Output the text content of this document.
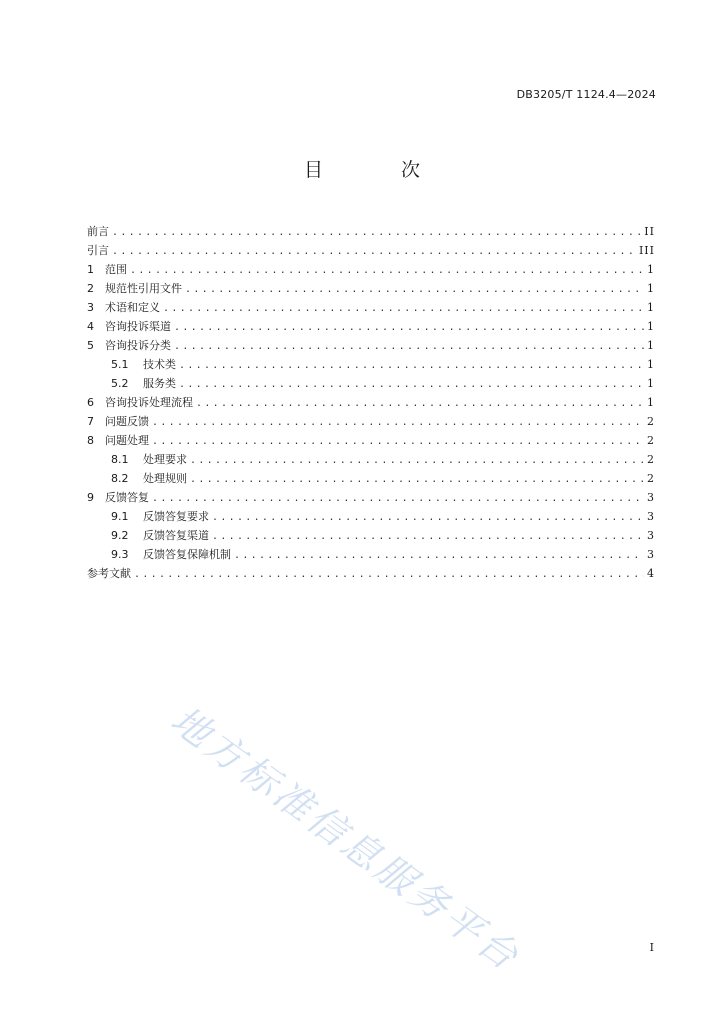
DB3205/T 1124.4—2024
目 次
前言 .....	II
引言 .....	III
1	范围 .....	1
2	规范性引用文件 .....	1
3	术语和定义 .....	1
4	咨询投诉渠道 .....	1
5	咨询投诉分类 .....	1
5.1	技术类 .....	1
5.2	服务类 .....	1
6	咨询投诉处理流程 .....	1
7	问题反馈 .....	2
8	问题处理 .....	2
8.1	处理要求 .....	2
8.2	处理规则 .....	2
9	反馈答复 .....	3
9.1	反馈答复要求 .....	3
9.2	反馈答复渠道 .....	3
9.3	反馈答复保障机制 .....	3
参考文献 .....	4
地方标准信息服务平台	I
